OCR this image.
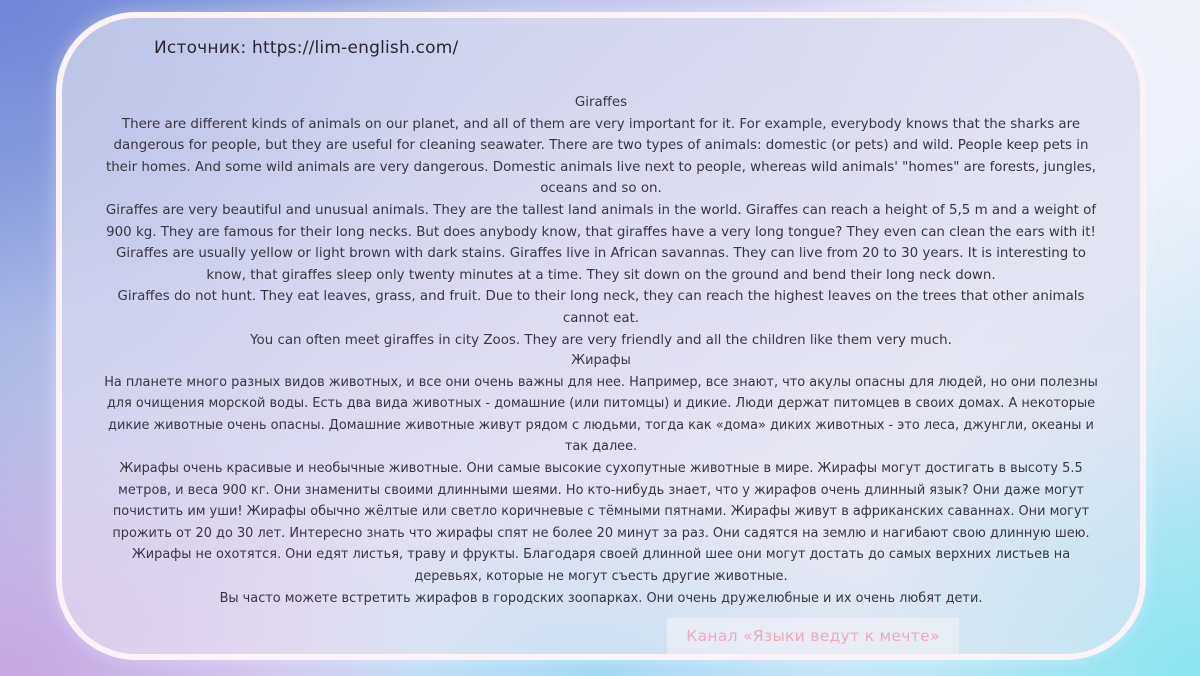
Источник: https://lim-english.com/
Giraffes

There are different kinds of animals on our planet, and all of them are very important for it. For example, everybody knows that the sharks are dangerous for people, but they are useful for cleaning seawater. There are two types of animals: domestic (or pets) and wild. People keep pets in their homes. And some wild animals are very dangerous. Domestic animals live next to people, whereas wild animals' "homes" are forests, jungles, oceans and so on.

Giraffes are very beautiful and unusual animals. They are the tallest land animals in the world. Giraffes can reach a height of 5,5 m and a weight of 900 kg. They are famous for their long necks. But does anybody know, that giraffes have a very long tongue? They even can clean the ears with it! Giraffes are usually yellow or light brown with dark stains. Giraffes live in African savannas. They can live from 20 to 30 years. It is interesting to know, that giraffes sleep only twenty minutes at a time. They sit down on the ground and bend their long neck down.

Giraffes do not hunt. They eat leaves, grass, and fruit. Due to their long neck, they can reach the highest leaves on the trees that other animals cannot eat.

You can often meet giraffes in city Zoos. They are very friendly and all the children like them very much.

Жирафы

На планете много разных видов животных, и все они очень важны для нее. Например, все знают, что акулы опасны для людей, но они полезны для очищения морской воды. Есть два вида животных - домашние (или питомцы) и дикие. Люди держат питомцев в своих домах. А некоторые дикие животные очень опасны. Домашние животные живут рядом с людьми, тогда как «дома» диких животных - это леса, джунгли, океаны и так далее.

Жирафы очень красивые и необычные животные. Они самые высокие сухопутные животные в мире. Жирафы могут достигать в высоту 5.5 метров, и веса 900 кг. Они знамениты своими длинными шеями. Но кто-нибудь знает, что у жирафов очень длинный язык? Они даже могут почистить им уши! Жирафы обычно жёлтые или светло коричневые с тёмными пятнами. Жирафы живут в африканских саваннах. Они могут прожить от 20 до 30 лет. Интересно знать что жирафы спят не более 20 минут за раз. Они садятся на землю и нагибают свою длинную шею.

Жирафы не охотятся. Они едят листья, траву и фрукты. Благодаря своей длинной шее они могут достать до самых верхних листьев на деревьях, которые не могут съесть другие животные.

Вы часто можете встретить жирафов в городских зоопарках. Они очень дружелюбные и их очень любят дети.

Канал «Языки ведут к мечте»
